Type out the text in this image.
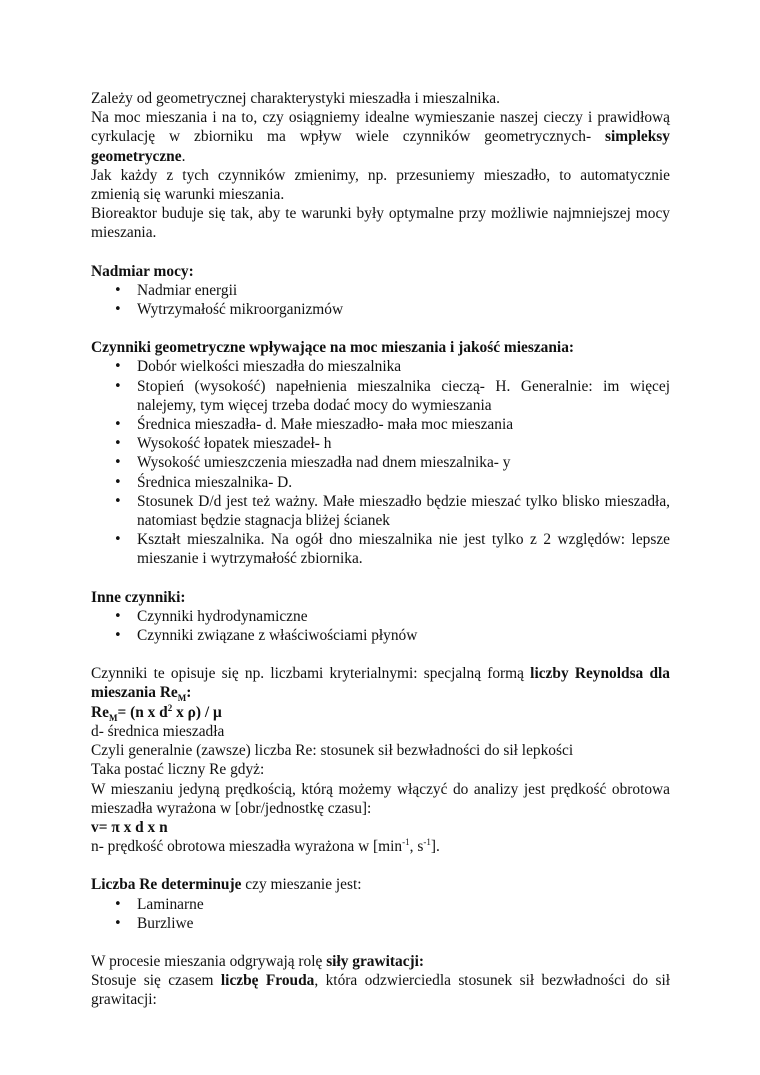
Zależy od geometrycznej charakterystyki mieszadła i mieszalnika.

Na moc mieszania i na to, czy osiągniemy idealne wymieszanie naszej cieczy i prawidłową cyrkulację w zbiorniku ma wpływ wiele czynników geometrycznych- simpleksy geometryczne.

Jak każdy z tych czynników zmienimy, np. przesuniemy mieszadło, to automatycznie zmienią się warunki mieszania.

Bioreaktor buduje się tak, aby te warunki były optymalne przy możliwie najmniejszej mocy mieszania.

Nadmiar mocy:

• Nadmiar energii
• Wytrzymałość mikroorganizmów

Czynniki geometryczne wpływające na moc mieszania i jakość mieszania:

• Dobór wielkości mieszadła do mieszalnika
• Stopień (wysokość) napełnienia mieszalnika cieczą- H. Generalnie: im więcej nalejemy, tym więcej trzeba dodać mocy do wymieszania
• Średnica mieszadła- d. Małe mieszadło- mała moc mieszania
• Wysokość łopatek mieszadeł- h
• Wysokość umieszczenia mieszadła nad dnem mieszalnika- y
• Średnica mieszalnika- D.
• Stosunek D/d jest też ważny. Małe mieszadło będzie mieszać tylko blisko mieszadła, natomiast będzie stagnacja bliżej ścianek
• Kształt mieszalnika. Na ogół dno mieszalnika nie jest tylko z 2 względów: lepsze mieszanie i wytrzymałość zbiornika.

Inne czynniki:

• Czynniki hydrodynamiczne
• Czynniki związane z właściwościami płynów

Czynniki te opisuje się np. liczbami kryterialnymi: specjalną formą liczby Reynoldsa dla mieszania $Re_M$:

$Re_M= (n$ x $d^2$ x ρ) / μ

d- średnica mieszadła

Czyli generalnie (zawsze) liczba Re: stosunek sił bezwładności do sił lepkości

Taka postać liczny Re gdyż:

W mieszaniu jedyną prędkością, którą możemy włączyć do analizy jest prędkość obrotowa mieszadła wyrażona w [obr/jednostkę czasu]:

v= π x d x n

n- prędkość obrotowa mieszadła wyrażona w [$\min^{-1}$, $s^{-1}$].

Liczba Re determinuje czy mieszanie jest:

• Laminarne
• Burzliwe

W procesie mieszania odgrywają rolę siły grawitacji:

Stosuje się czasem liczbę Frouda, która odzwierciedla stosunek sił bezwładności do sił grawitacji:
